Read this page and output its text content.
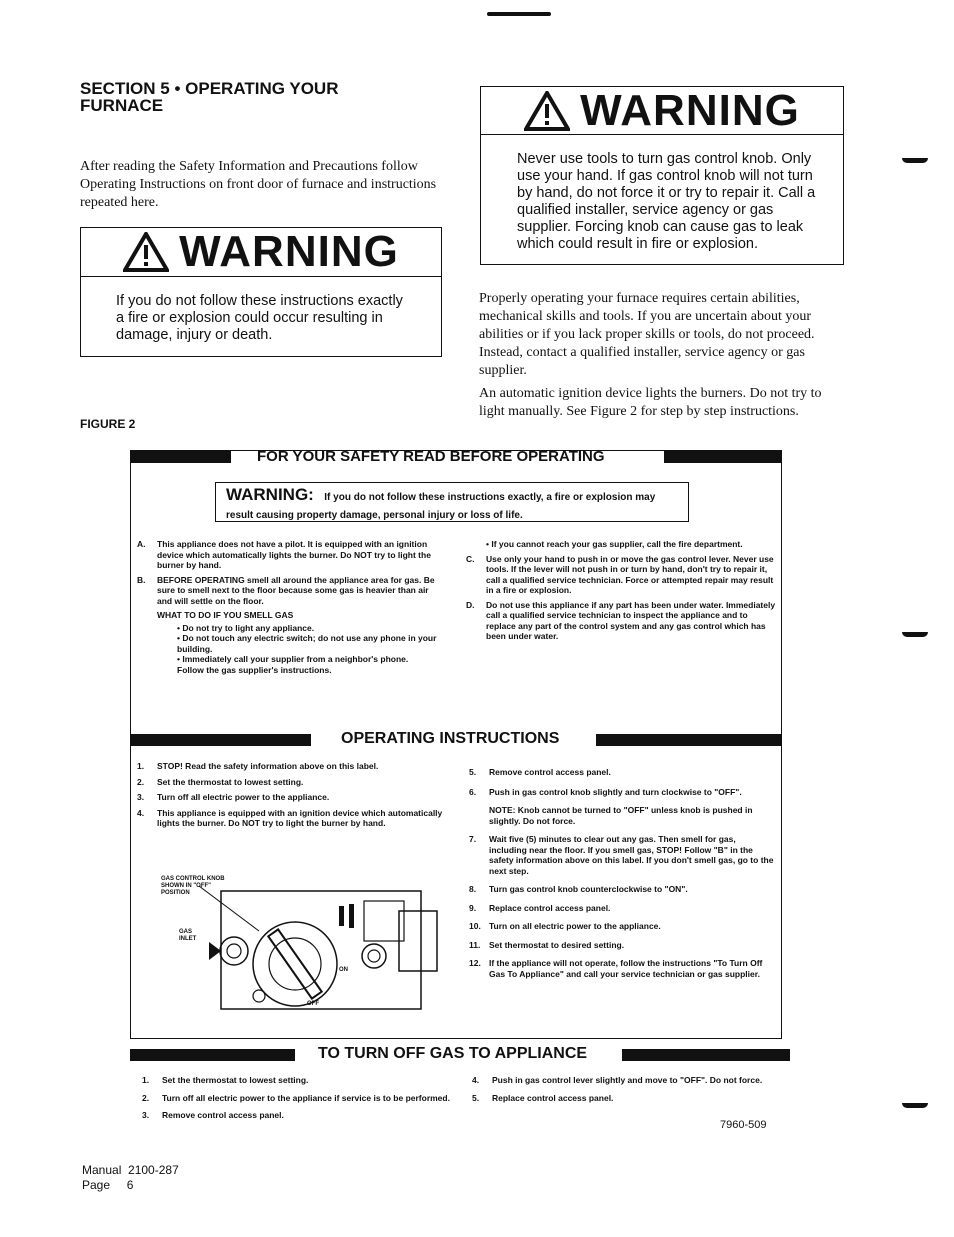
SECTION 5 • OPERATING YOUR FURNACE
After reading the Safety Information and Precautions follow Operating Instructions on front door of furnace and instructions repeated here.
WARNING
If you do not follow these instructions exactly a fire or explosion could occur resulting in damage, injury or death.
WARNING
Never use tools to turn gas control knob. Only use your hand. If gas control knob will not turn by hand, do not force it or try to repair it. Call a qualified installer, service agency or gas supplier. Forcing knob can cause gas to leak which could result in fire or explosion.
Properly operating your furnace requires certain abilities, mechanical skills and tools. If you are uncertain about your abilities or if you lack proper skills or tools, do not proceed. Instead, contact a qualified installer, service agency or gas supplier.
An automatic ignition device lights the burners. Do not try to light manually. See Figure 2 for step by step instructions.
FIGURE 2
FOR YOUR SAFETY READ BEFORE OPERATING
WARNING: If you do not follow these instructions exactly, a fire or explosion may result causing property damage, personal injury or loss of life.
A.	This appliance does not have a pilot. It is equipped with an ignition device which automatically lights the burner. Do NOT try to light the burner by hand.
B.	BEFORE OPERATING smell all around the appliance area for gas. Be sure to smell next to the floor because some gas is heavier than air and will settle on the floor.
WHAT TO DO IF YOU SMELL GAS
• Do not try to light any appliance.
• Do not touch any electric switch; do not use any phone in your building.
• Immediately call your supplier from a neighbor's phone. Follow the gas supplier's instructions.
• If you cannot reach your gas supplier, call the fire department.
C.	Use only your hand to push in or move the gas control lever. Never use tools. If the lever will not push in or turn by hand, don't try to repair it, call a qualified service technician. Force or attempted repair may result in a fire or explosion.
D.	Do not use this appliance if any part has been under water. Immediately call a qualified service technician to inspect the appliance and to replace any part of the control system and any gas control which has been under water.
OPERATING INSTRUCTIONS
1.	STOP! Read the safety information above on this label.
2.	Set the thermostat to lowest setting.
3.	Turn off all electric power to the appliance.
4.	This appliance is equipped with an ignition device which automatically lights the burner. Do NOT try to light the burner by hand.
GAS CONTROL KNOB SHOWN IN "OFF" POSITION
GAS INLET
ON
OFF
5.	Remove control access panel.
6.	Push in gas control knob slightly and turn clockwise to "OFF".
NOTE: Knob cannot be turned to "OFF" unless knob is pushed in slightly. Do not force.
7.	Wait five (5) minutes to clear out any gas. Then smell for gas, including near the floor. If you smell gas, STOP! Follow "B" in the safety information above on this label. If you don't smell gas, go to the next step.
8.	Turn gas control knob counterclockwise to "ON".
9.	Replace control access panel.
10. Turn on all electric power to the appliance.
11.	Set thermostat to desired setting.
12. If the appliance will not operate, follow the instructions "To Turn Off Gas To Appliance" and call your service technician or gas supplier.
TO TURN OFF GAS TO APPLIANCE
1.	Set the thermostat to lowest setting.
2.	Turn off all electric power to the appliance if service is to be performed.
3.	Remove control access panel.
4.	Push in gas control lever slightly and move to "OFF". Do not force.
5.	Replace control access panel.
7960-509
Manual 2100-287
Page 6
